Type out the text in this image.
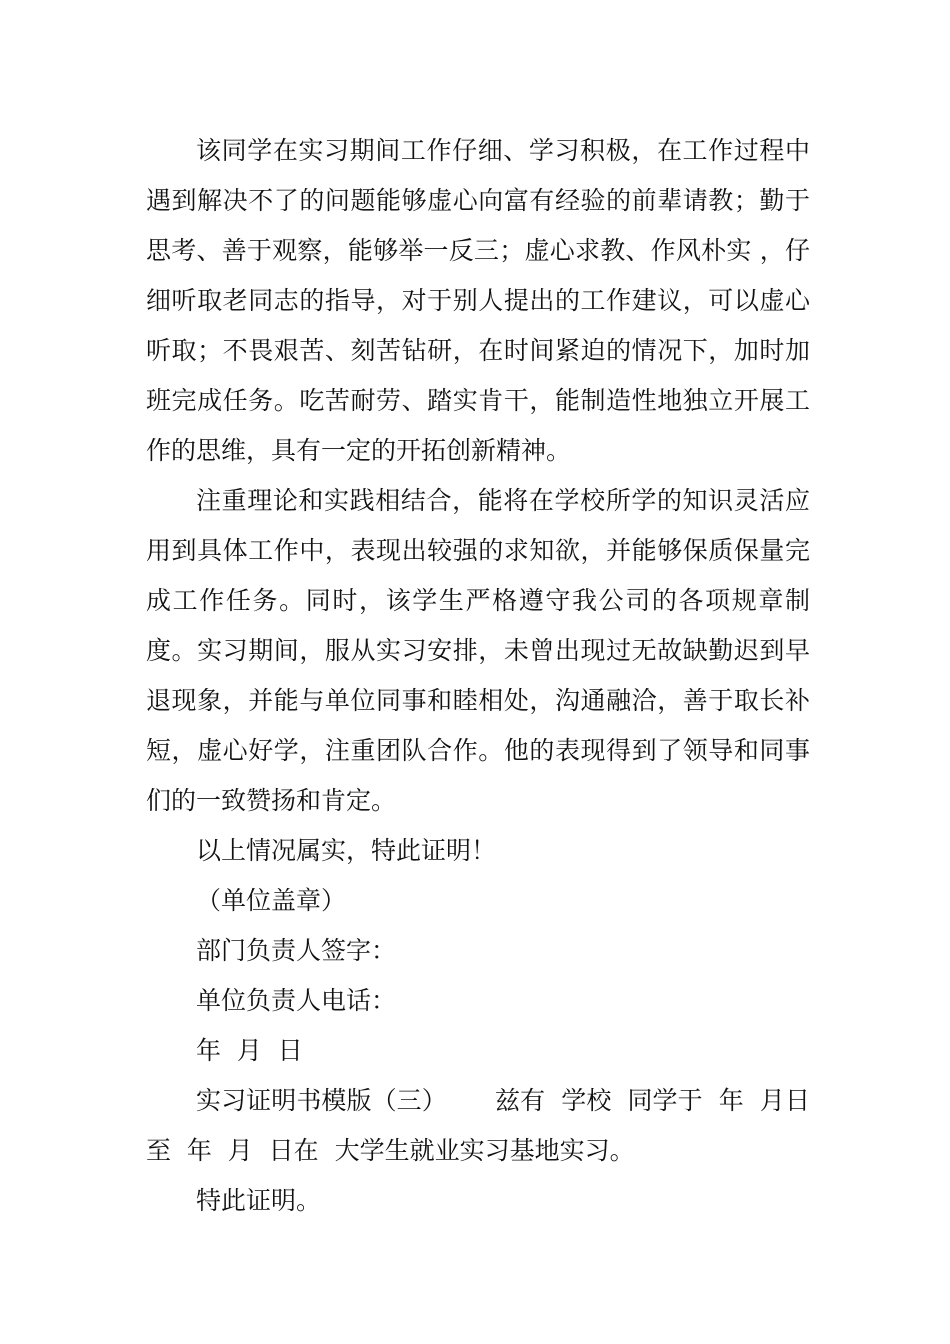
该同学在实习期间工作仔细、学习积极，在工作过程中遇到解决不了的问题能够虚心向富有经验的前辈请教；勤于思考、善于观察，能够举一反三；虚心求教、作风朴实 ，仔细听取老同志的指导，对于别人提出的工作建议，可以虚心听取；不畏艰苦、刻苦钻研，在时间紧迫的情况下，加时加班完成任务。吃苦耐劳、踏实肯干，能制造性地独立开展工作的思维，具有一定的开拓创新精神。

注重理论和实践相结合，能将在学校所学的知识灵活应用到具体工作中，表现出较强的求知欲，并能够保质保量完成工作任务。同时，该学生严格遵守我公司的各项规章制度。实习期间，服从实习安排，未曾出现过无故缺勤迟到早退现象，并能与单位同事和睦相处，沟通融洽，善于取长补短，虚心好学，注重团队合作。他的表现得到了领导和同事们的一致赞扬和肯定。

以上情况属实，特此证明！

（单位盖章）

部门负责人签字：

单位负责人电话：

年  月  日

实习证明书模版（三）      兹有  学校  同学于  年  月日至  年  月  日在  大学生就业实习基地实习。

特此证明。
